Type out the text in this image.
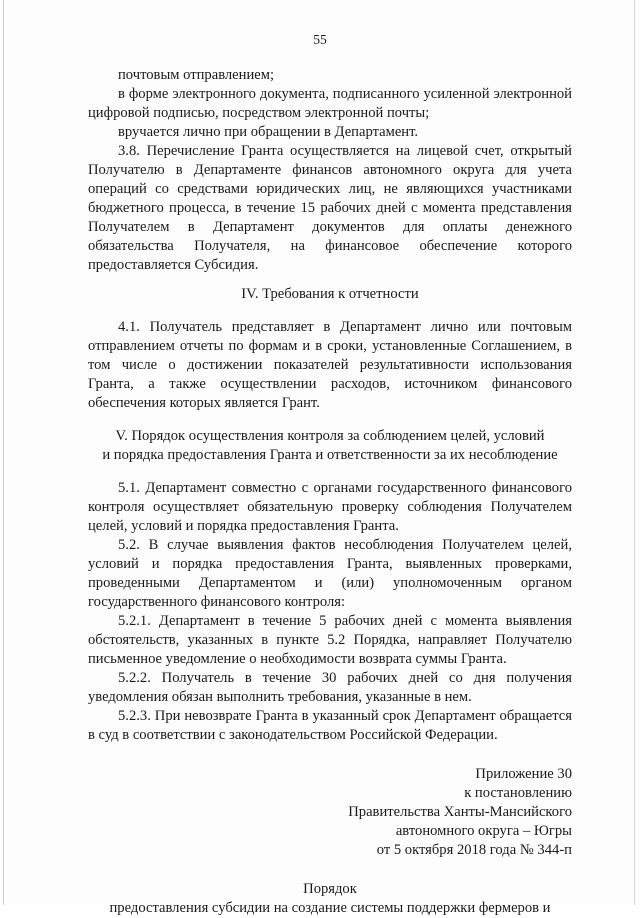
55

почтовым отправлением;

в форме электронного документа, подписанного усиленной электронной цифровой подписью, посредством электронной почты;

вручается лично при обращении в Департамент.

3.8. Перечисление Гранта осуществляется на лицевой счет, открытый Получателю в Департаменте финансов автономного округа для учета операций со средствами юридических лиц, не являющихся участниками бюджетного процесса, в течение 15 рабочих дней с момента представления Получателем в Департамент документов для оплаты денежного обязательства Получателя, на финансовое обеспечение которого предоставляется Субсидия.

IV. Требования к отчетности

4.1. Получатель представляет в Департамент лично или почтовым отправлением отчеты по формам и в сроки, установленные Соглашением, в том числе о достижении показателей результативности использования Гранта, а также осуществлении расходов, источником финансового обеспечения которых является Грант.

V. Порядок осуществления контроля за соблюдением целей, условий

и порядка предоставления Гранта и ответственности за их несоблюдение

5.1. Департамент совместно с органами государственного финансового контроля осуществляет обязательную проверку соблюдения Получателем целей, условий и порядка предоставления Гранта.

5.2. В случае выявления фактов несоблюдения Получателем целей, условий и порядка предоставления Гранта, выявленных проверками, проведенными Департаментом и (или) уполномоченным органом государственного финансового контроля:

5.2.1. Департамент в течение 5 рабочих дней с момента выявления обстоятельств, указанных в пункте 5.2 Порядка, направляет Получателю письменное уведомление о необходимости возврата суммы Гранта.

5.2.2. Получатель в течение 30 рабочих дней со дня получения уведомления обязан выполнить требования, указанные в нем.

5.2.3. При невозврате Гранта в указанный срок Департамент обращается в суд в соответствии с законодательством Российской Федерации.

Приложение 30

к постановлению

Правительства Ханты-Мансийского

автономного округа – Югры

от 5 октября 2018 года № 344-п

Порядок

предоставления субсидии на создание системы поддержки фермеров и
